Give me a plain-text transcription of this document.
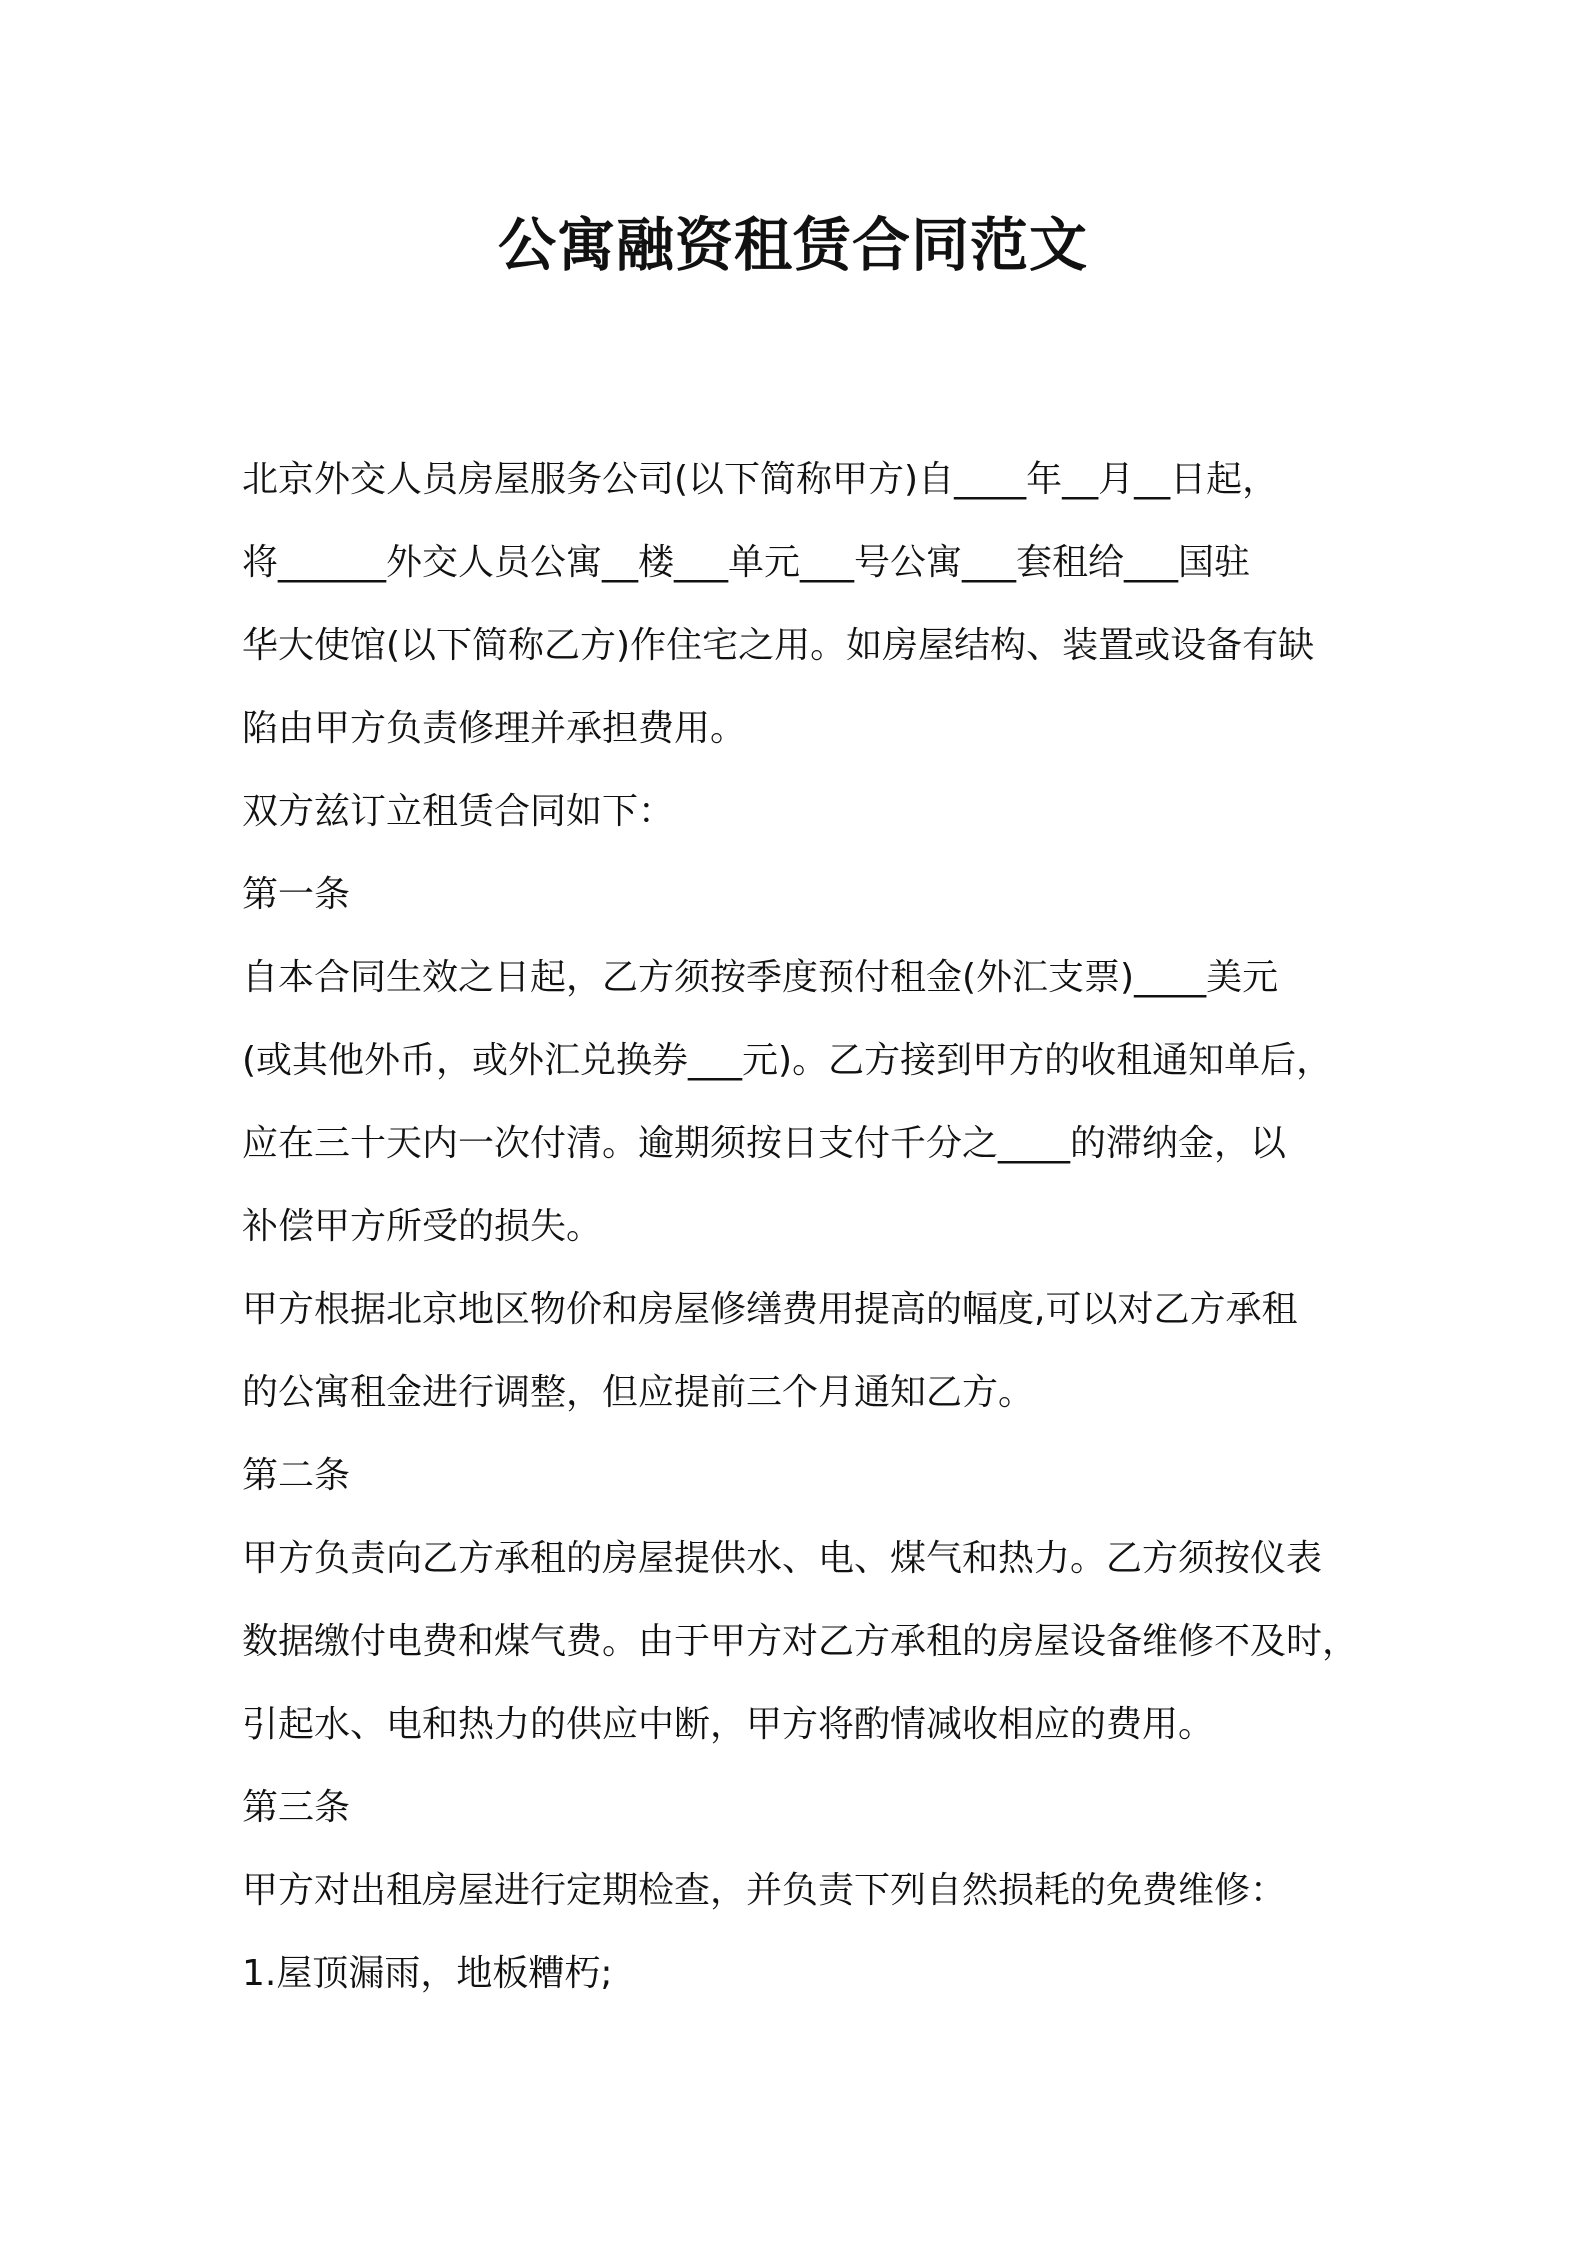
公寓融资租赁合同范文
北京外交人员房屋服务公司(以下简称甲方)自____年__月__日起，
将______外交人员公寓__楼___单元___号公寓___套租给___国驻
华大使馆(以下简称乙方)作住宅之用。如房屋结构、装置或设备有缺
陷由甲方负责修理并承担费用。
双方兹订立租赁合同如下：
第一条
自本合同生效之日起，乙方须按季度预付租金(外汇支票)____美元
(或其他外币，或外汇兑换券___元)。乙方接到甲方的收租通知单后，
应在三十天内一次付清。逾期须按日支付千分之____的滞纳金，以
补偿甲方所受的损失。
甲方根据北京地区物价和房屋修缮费用提高的幅度,可以对乙方承租
的公寓租金进行调整，但应提前三个月通知乙方。
第二条
甲方负责向乙方承租的房屋提供水、电、煤气和热力。乙方须按仪表
数据缴付电费和煤气费。由于甲方对乙方承租的房屋设备维修不及时，
引起水、电和热力的供应中断，甲方将酌情减收相应的费用。
第三条
甲方对出租房屋进行定期检查，并负责下列自然损耗的免费维修：
1.屋顶漏雨，地板糟朽;
